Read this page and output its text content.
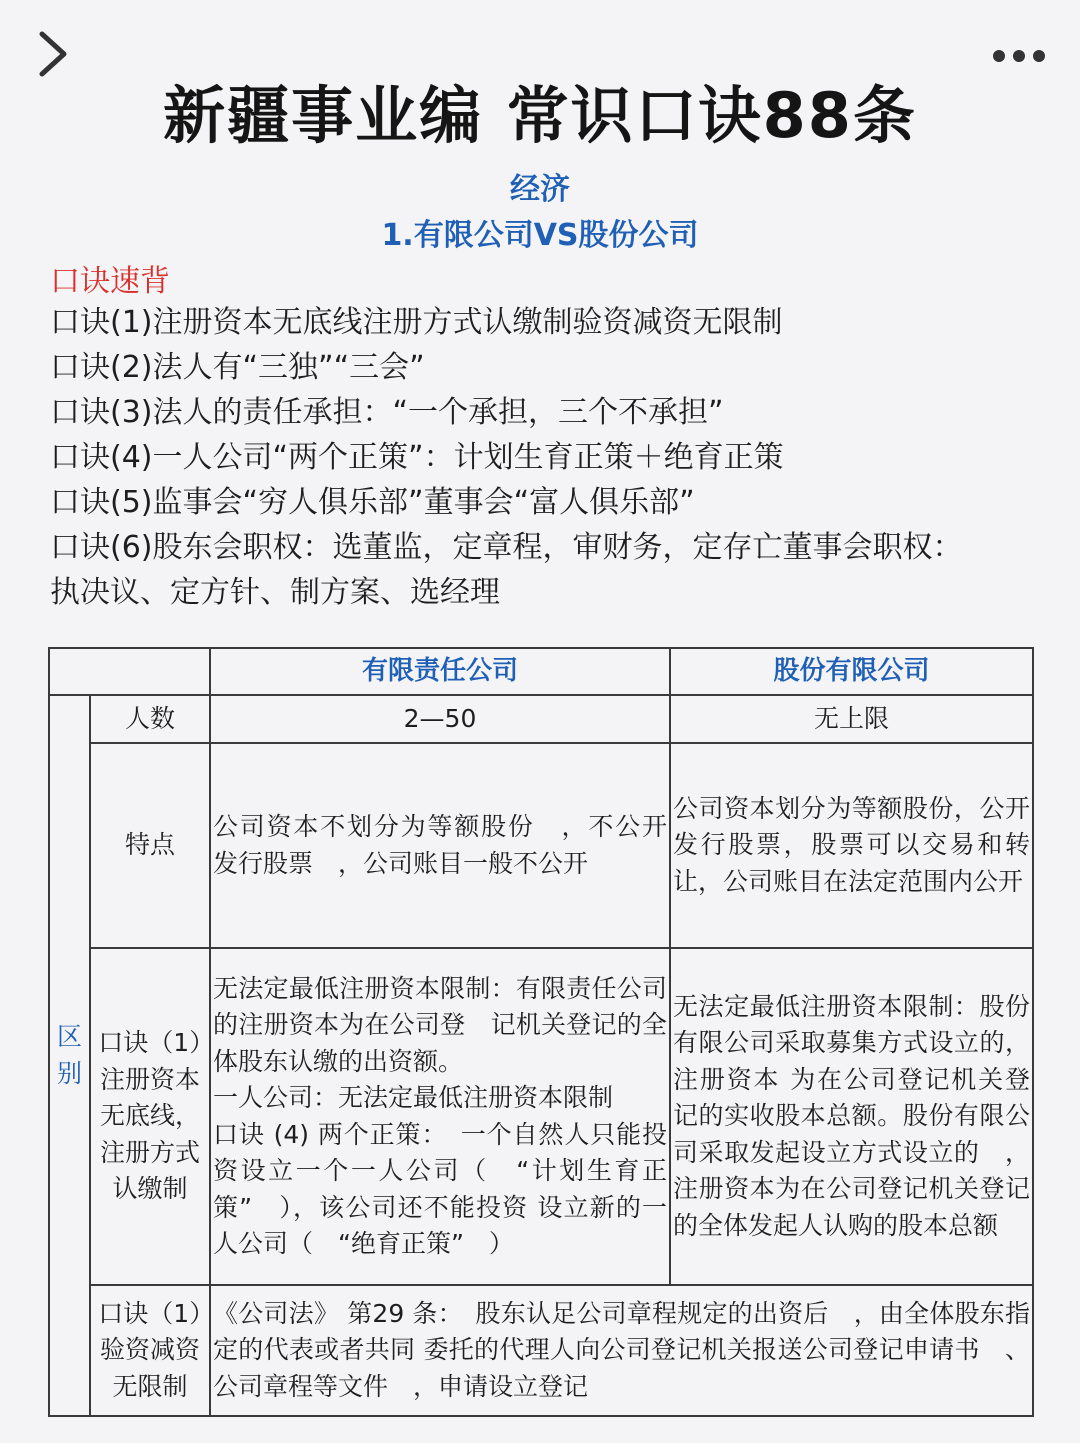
新疆事业编 常识口诀88条
经济
1.有限公司VS股份公司
口诀速背
口诀(1)注册资本无底线注册方式认缴制验资减资无限制
口诀(2)法人有“三独”“三会”
口诀(3)法人的责任承担：“一个承担，三个不承担”
口诀(4)一人公司“两个正策”：计划生育正策＋绝育正策
口诀(5)监事会“穷人俱乐部”董事会“富人俱乐部”
口诀(6)股东会职权：选董监，定章程，审财务，定存亡董事会职权：
执决议、定方针、制方案、选经理
		有限责任公司	股份有限公司

区别	人数	2—50	无上限
	特点	公司资本不划分为等额股份　，不公开 发行股票　，公司账目一般不公开	公司资本划分为等额股份，公开发行股票，股票可以交易和转让，公司账目在法定范围内公开
	口诀（1）注册资本无底线，注册方式 认缴制	无法定最低注册资本限制：有限责任公司的注册资本为在公司登　记机关登记的全体股东认缴的出资额。
一人公司：无法定最低注册资本限制
口诀 (4) 两个正策：　一个自然人只能投资设立一个一人公司（　“计划生育正策”　），该公司还不能投资 设立新的一人公司（　“绝育正策”　）	无法定最低注册资本限制：股份有限公司采取募集方式设立的，注册资本 为在公司登记机关登记的实收股本总额。股份有限公司采取发起设立方式设立的　，注册资本为在公司登记机关登记的全体发起人认购的股本总额
	口诀（1）验资减资无限制	《公司法》 第29 条：　股东认足公司章程规定的出资后　，由全体股东指定的代表或者共同 委托的代理人向公司登记机关报送公司登记申请书　、公司章程等文件　，申请设立登记	
